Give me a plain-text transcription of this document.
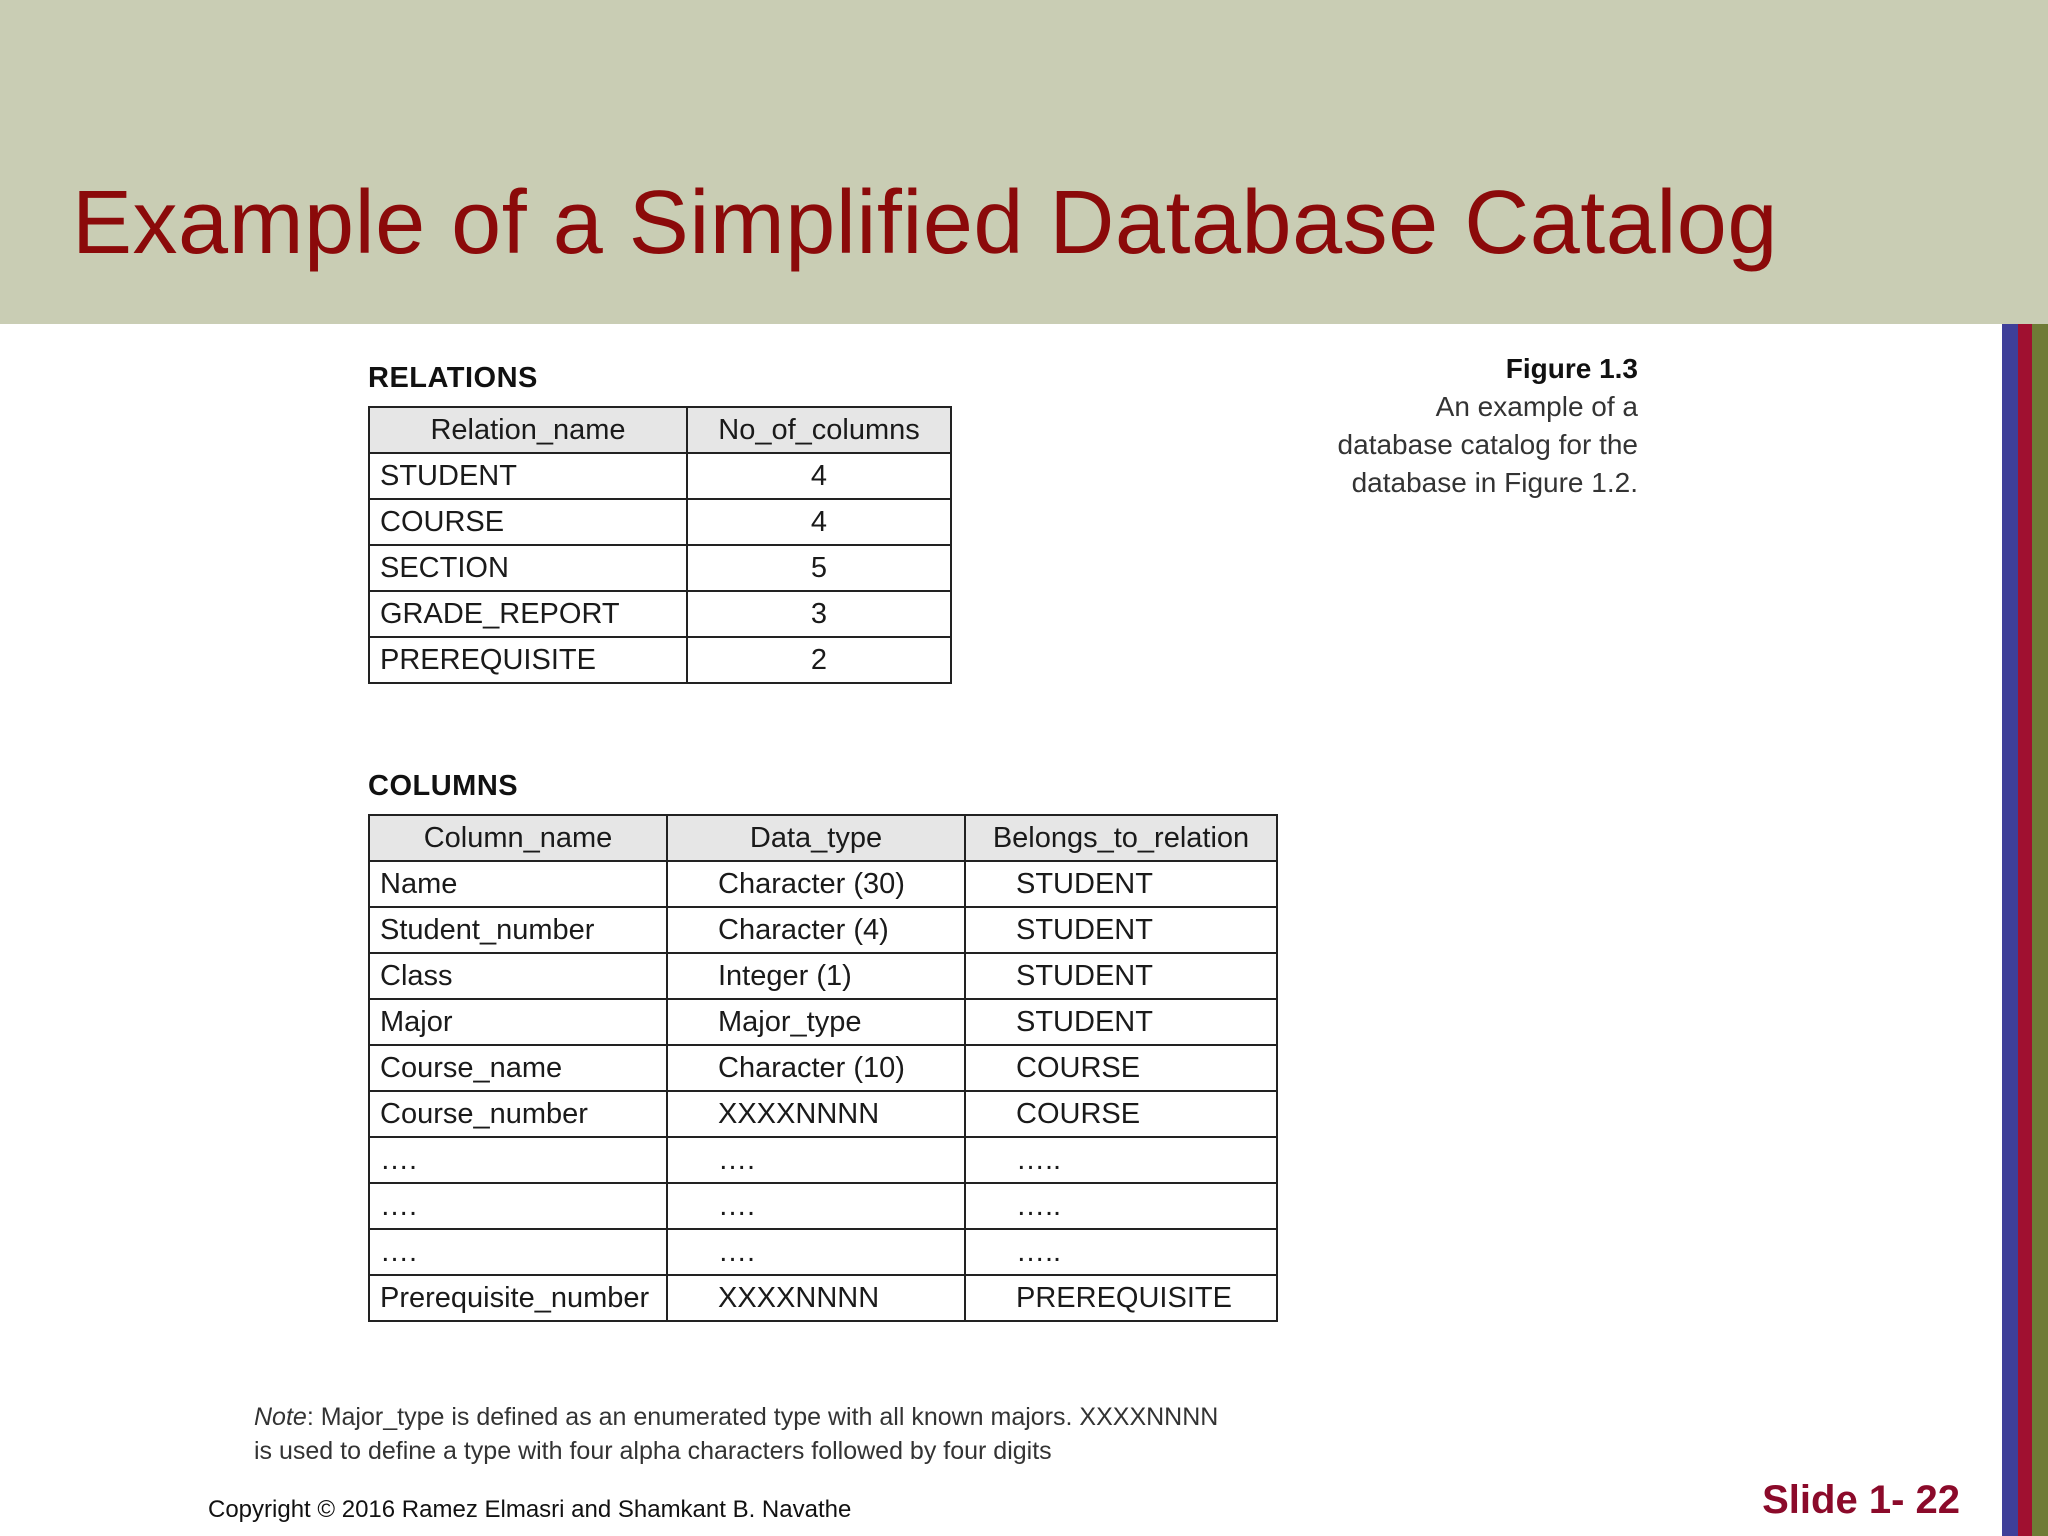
Example of a Simplified Database Catalog
RELATIONS
Relation_name	No_of_columns
STUDENT	4
COURSE	4
SECTION	5
GRADE_REPORT	3
PREREQUISITE	2
Figure 1.3
An example of a
database catalog for the
database in Figure 1.2.
COLUMNS
Column_name	Data_type	Belongs_to_relation
Name	Character (30)	STUDENT
Student_number	Character (4)	STUDENT
Class	Integer (1)	STUDENT
Major	Major_type	STUDENT
Course_name	Character (10)	COURSE
Course_number	XXXXNNNN	COURSE
….	….	…..
….	….	…..
….	….	…..
Prerequisite_number	XXXXNNNN	PREREQUISITE
Note: Major_type is defined as an enumerated type with all known majors. XXXXNNNN
is used to define a type with four alpha characters followed by four digits
Copyright © 2016 Ramez Elmasri and Shamkant B. Navathe	Slide 1- 22
